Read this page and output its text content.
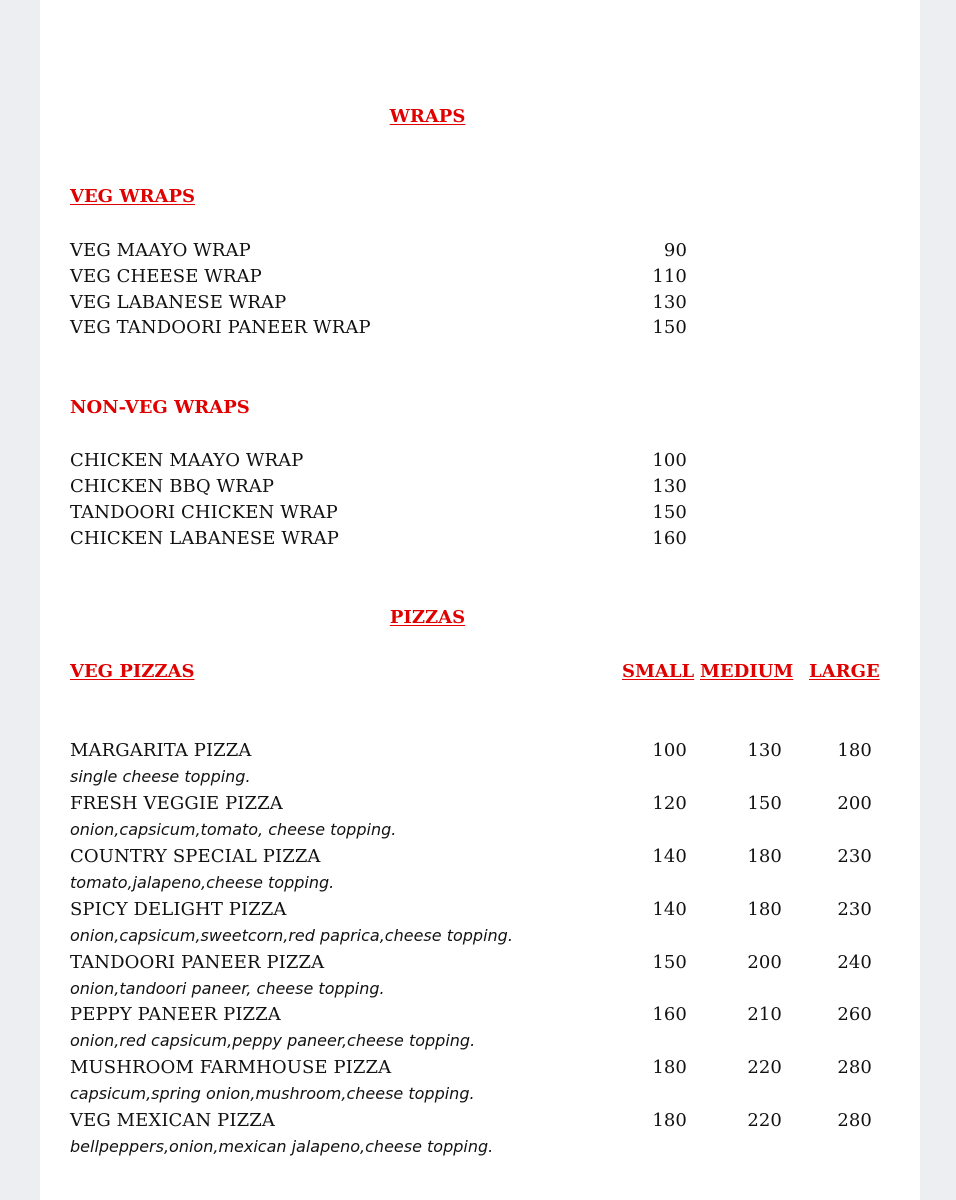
WRAPS
VEG WRAPS
VEG MAAYO WRAP	90
VEG CHEESE WRAP	110
VEG LABANESE WRAP	130
VEG TANDOORI PANEER WRAP	150
NON-VEG WRAPS
CHICKEN MAAYO WRAP	100
CHICKEN BBQ WRAP	130
TANDOORI CHICKEN WRAP	150
CHICKEN LABANESE WRAP	160
PIZZAS
VEG PIZZAS	SMALL MEDIUM LARGE
MARGARITA PIZZA	100	130	180
single cheese topping.
FRESH VEGGIE PIZZA	120	150	200
onion,capsicum,tomato, cheese topping.
COUNTRY SPECIAL PIZZA	140	180	230
tomato,jalapeno,cheese topping.
SPICY DELIGHT PIZZA	140	180	230
onion,capsicum,sweetcorn,red paprica,cheese topping.
TANDOORI PANEER PIZZA	150	200	240
onion,tandoori paneer, cheese topping.
PEPPY PANEER PIZZA	160	210	260
onion,red capsicum,peppy paneer,cheese topping.
MUSHROOM FARMHOUSE PIZZA	180	220	280
capsicum,spring onion,mushroom,cheese topping.
VEG MEXICAN PIZZA	180	220	280
bellpeppers,onion,mexican jalapeno,cheese topping.
